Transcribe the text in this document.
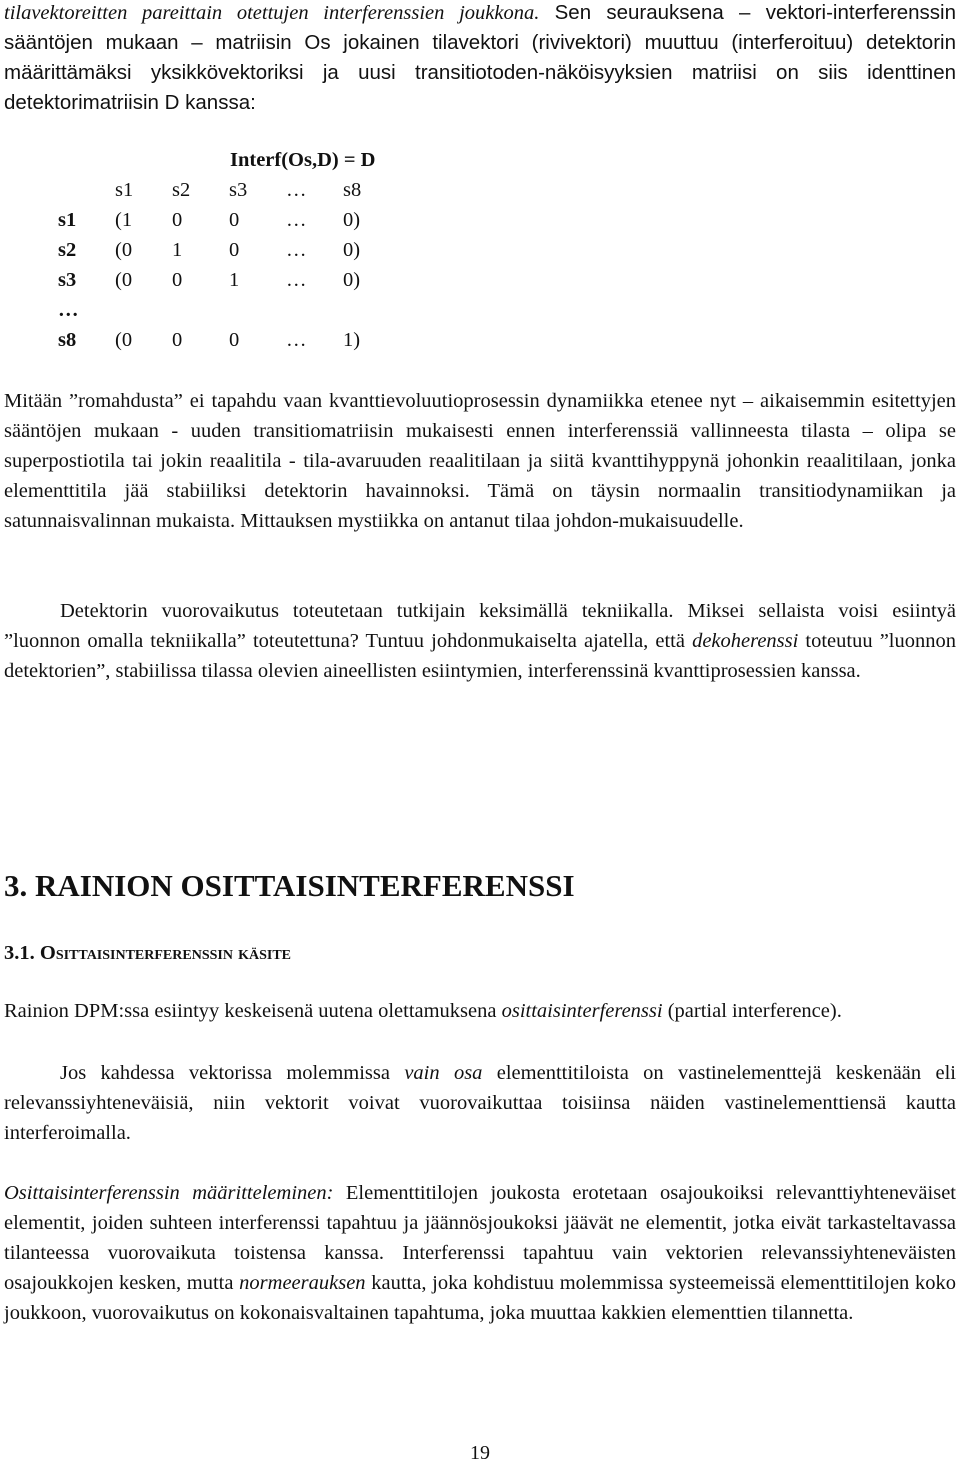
tilavektoreitten pareittain otettujen interferenssien joukkona. Sen seurauksena – vektori-interferenssin sääntöjen mukaan – matriisin Os jokainen tilavektori (rivivektori) muuttuu (interferoituu) detektorin määrittämäksi yksikkövektoriksi ja uusi transitiotoden-näköisyyksien matriisi on siis identtinen detektorimatriisin D kanssa:
Interf(Os,D) = D
s1 s2 s3 … s8
s1 (1 0 0 … 0)
s2 (0 1 0 … 0)
s3 (0 0 1 … 0)
…
s8 (0 0 0 … 1)
Mitään ”romahdusta” ei tapahdu vaan kvanttievoluutioprosessin dynamiikka etenee nyt – aikaisemmin esitettyjen sääntöjen mukaan - uuden transitiomatriisin mukaisesti ennen interferenssiä vallinneesta tilasta – olipa se superpostiotila tai jokin reaalitila - tila-avaruuden reaalitilaan ja siitä kvanttihyppynä johonkin reaalitilaan, jonka elementtitila jää stabiiliksi detektorin havainnoksi. Tämä on täysin normaalin transitiodynamiikan ja satunnaisvalinnan mukaista. Mittauksen mystiikka on antanut tilaa johdon-mukaisuudelle.
Detektorin vuorovaikutus toteutetaan tutkijain keksimällä tekniikalla. Miksei sellaista voisi esiintyä ”luonnon omalla tekniikalla” toteutettuna? Tuntuu johdonmukaiselta ajatella, että dekoherenssi toteutuu ”luonnon detektorien”, stabiilissa tilassa olevien aineellisten esiintymien, interferenssinä kvanttiprosessien kanssa.
3. RAINION OSITTAISINTERFERENSSI
3.1. Osittaisinterferenssin käsite
Rainion DPM:ssa esiintyy keskeisenä uutena olettamuksena osittaisinterferenssi (partial interference).
Jos kahdessa vektorissa molemmissa vain osa elementtitiloista on vastinelementtejä keskenään eli relevanssiyhteneväisiä, niin vektorit voivat vuorovaikuttaa toisiinsa näiden vastinelementtiensä kautta interferoimalla.
Osittaisinterferenssin määritteleminen: Elementtitilojen joukosta erotetaan osajoukoiksi relevanttiyhteneväiset elementit, joiden suhteen interferenssi tapahtuu ja jäännösjoukoksi jäävät ne elementit, jotka eivät tarkasteltavassa tilanteessa vuorovaikuta toistensa kanssa. Interferenssi tapahtuu vain vektorien relevanssiyhteneväisten osajoukkojen kesken, mutta normeerauksen kautta, joka kohdistuu molemmissa systeemeissä elementtitilojen koko joukkoon, vuorovaikutus on kokonaisvaltainen tapahtuma, joka muuttaa kakkien elementtien tilannetta.
19
